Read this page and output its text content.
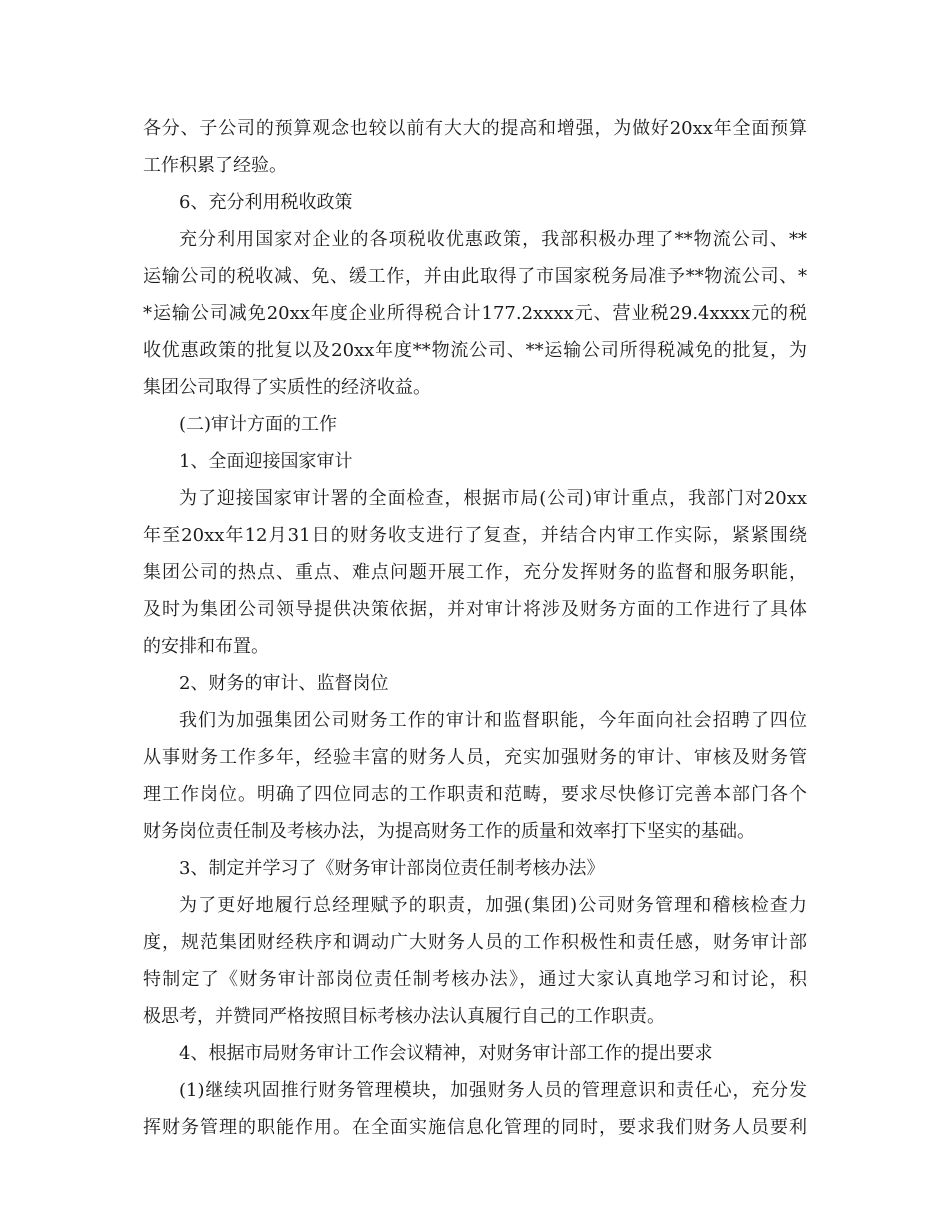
各分、子公司的预算观念也较以前有大大的提高和增强，为做好20xx年全面预算
工作积累了经验。
6、充分利用税收政策
充分利用国家对企业的各项税收优惠政策，我部积极办理了**物流公司、**
运输公司的税收减、免、缓工作，并由此取得了市国家税务局准予**物流公司、*
*运输公司减免20xx年度企业所得税合计177.2xxxx元、营业税29.4xxxx元的税
收优惠政策的批复以及20xx年度**物流公司、**运输公司所得税减免的批复，为
集团公司取得了实质性的经济收益。
(二)审计方面的工作
1、全面迎接国家审计
为了迎接国家审计署的全面检查，根据市局(公司)审计重点，我部门对20xx
年至20xx年12月31日的财务收支进行了复查，并结合内审工作实际，紧紧围绕
集团公司的热点、重点、难点问题开展工作，充分发挥财务的监督和服务职能，
及时为集团公司领导提供决策依据，并对审计将涉及财务方面的工作进行了具体
的安排和布置。
2、财务的审计、监督岗位
我们为加强集团公司财务工作的审计和监督职能，今年面向社会招聘了四位
从事财务工作多年，经验丰富的财务人员，充实加强财务的审计、审核及财务管
理工作岗位。明确了四位同志的工作职责和范畴，要求尽快修订完善本部门各个
财务岗位责任制及考核办法，为提高财务工作的质量和效率打下坚实的基础。
3、制定并学习了《财务审计部岗位责任制考核办法》
为了更好地履行总经理赋予的职责，加强(集团)公司财务管理和稽核检查力
度，规范集团财经秩序和调动广大财务人员的工作积极性和责任感，财务审计部
特制定了《财务审计部岗位责任制考核办法》，通过大家认真地学习和讨论，积
极思考，并赞同严格按照目标考核办法认真履行自己的工作职责。
4、根据市局财务审计工作会议精神，对财务审计部工作的提出要求
(1)继续巩固推行财务管理模块，加强财务人员的管理意识和责任心，充分发
挥财务管理的职能作用。在全面实施信息化管理的同时，要求我们财务人员要利
